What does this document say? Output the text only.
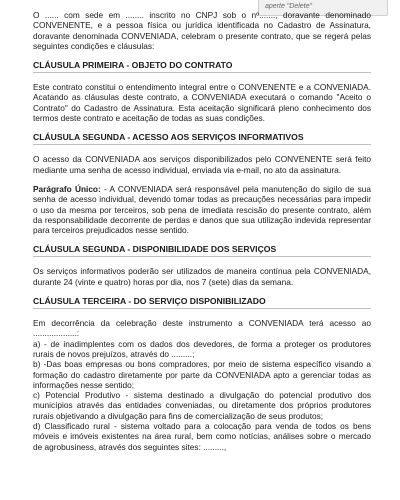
aperte "Delete"

O ...... com sede em ........ inscrito no CNPJ sob o nº......., doravante denominado CONVENENTE, e a pessoa física ou jurídica identificada no Cadastro de Assinatura, doravante denominada CONVENIADA, celebram o presente contrato, que se regerá pelas seguintes condições e cláusulas:

CLÁUSULA PRIMEIRA - OBJETO DO CONTRATO

Este contrato constitui o entendimento integral entre o CONVENENTE e a CONVENIADA. Acatando as cláusulas deste contrato, a CONVENIADA executará o comando "Aceito o Contrato" do Cadastro de Assinatura. Esta aceitação significará pleno conhecimento dos termos deste contrato e aceitação de todas as suas condições.

CLÁUSULA SEGUNDA - ACESSO AOS SERVIÇOS INFORMATIVOS

O acesso da CONVENIADA aos serviços disponibilizados pelo CONVENENTE será feito mediante uma senha de acesso individual, enviada via e-mail, no ato da assinatura.

Parágrafo Único: - A CONVENIADA será responsável pela manutenção do sigilo de sua senha de acesso individual, devendo tomar todas as precauções necessárias para impedir o uso da mesma por terceiros, sob pena de imediata rescisão do presente contrato, além da responsabilidade decorrente de perdas e danos que sua utilização indevida representar para terceiros prejudicados nesse sentido.

CLÁUSULA SEGUNDA - DISPONIBILIDADE DOS SERVIÇOS

Os serviços informativos poderão ser utilizados de maneira contínua pela CONVENIADA, durante 24 (vinte e quatro) horas por dia, nos 7 (sete) dias da semana.

CLÁUSULA TERCEIRA - DO SERVIÇO DISPONIBILIZADO

Em decorrência da celebração deste instrumento a CONVENIADA terá acesso ao ...................:

a) - de inadimplentes com os dados dos devedores, de forma a proteger os produtores rurais de novos prejuízos, através do .........;

b) -Das boas empresas ou bons compradores, por meio de sistema específico visando a formação do cadastro diretamente por parte da CONVENIADA apto a gerenciar todas as informações nesse sentido;

c) Potencial Produtivo - sistema destinado a divulgação do potencial produtivo dos municípios através das entidades conveniadas, ou diretamente dos próprios produtores rurais objetivando a divulgação para fins de comercialização de seus produtos;

d) Classificado rural - sistema voltado para a colocação para venda de todos os bens móveis e imóveis existentes na área rural, bem como notícias, análises sobre o mercado de agrobusiness, através dos seguintes sites: .........,
